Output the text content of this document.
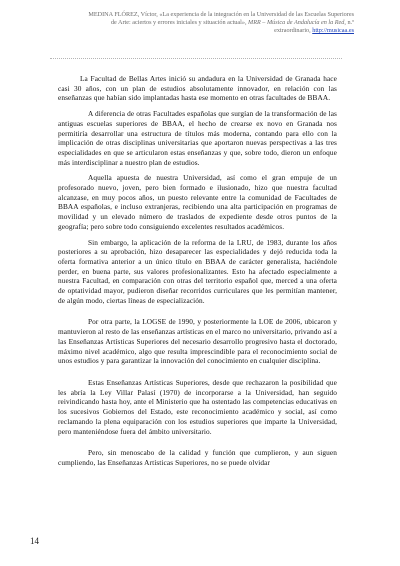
MEDINA FLÓREZ, Víctor, «La experiencia de la integración en la Universidad de las Escuelas Superiores de Arte: aciertos y errores iniciales y situación actual», MRR – Música de Andalucía en la Red, n.º extraordinario, http://musicaa.es

La Facultad de Bellas Artes inició su andadura en la Universidad de Granada hace casi 30 años, con un plan de estudios absolutamente innovador, en relación con las enseñanzas que habían sido implantadas hasta ese momento en otras facultades de BBAA.

A diferencia de otras Facultades españolas que surgían de la transformación de las antiguas escuelas superiores de BBAA, el hecho de crearse ex novo en Granada nos permitiría desarrollar una estructura de títulos más moderna, contando para ello con la implicación de otras disciplinas universitarias que aportaron nuevas perspectivas a las tres especialidades en que se articularon estas enseñanzas y que, sobre todo, dieron un enfoque más interdisciplinar a nuestro plan de estudios.

Aquella apuesta de nuestra Universidad, así como el gran empuje de un profesorado nuevo, joven, pero bien formado e ilusionado, hizo que nuestra facultad alcanzase, en muy pocos años, un puesto relevante entre la comunidad de Facultades de BBAA españolas, e incluso extranjeras, recibiendo una alta participación en programas de movilidad y un elevado número de traslados de expediente desde otros puntos de la geografía; pero sobre todo consiguiendo excelentes resultados académicos.

Sin embargo, la aplicación de la reforma de la LRU, de 1983, durante los años posteriores a su aprobación, hizo desaparecer las especialidades y dejó reducida toda la oferta formativa anterior a un único título en BBAA de carácter generalista, haciéndole perder, en buena parte, sus valores profesionalizantes. Esto ha afectado especialmente a nuestra Facultad, en comparación con otras del territorio español que, merced a una oferta de optatividad mayor, pudieron diseñar recorridos curriculares que les permitían mantener, de algún modo, ciertas líneas de especialización.

Por otra parte, la LOGSE de 1990, y posteriormente la LOE de 2006, ubicaron y mantuvieron al resto de las enseñanzas artísticas en el marco no universitario, privando así a las Enseñanzas Artísticas Superiores del necesario desarrollo progresivo hasta el doctorado, máximo nivel académico, algo que resulta imprescindible para el reconocimiento social de unos estudios y para garantizar la innovación del conocimiento en cualquier disciplina.

Estas Enseñanzas Artísticas Superiores, desde que rechazaron la posibilidad que les abría la Ley Villar Palasí (1970) de incorporarse a la Universidad, han seguido reivindicando hasta hoy, ante el Ministerio que ha ostentado las competencias educativas en los sucesivos Gobiernos del Estado, este reconocimiento académico y social, así como reclamando la plena equiparación con los estudios superiores que imparte la Universidad, pero manteniéndose fuera del ámbito universitario.

Pero, sin menoscabo de la calidad y función que cumplieron, y aun siguen cumpliendo, las Enseñanzas Artísticas Superiores, no se puede olvidar

14
